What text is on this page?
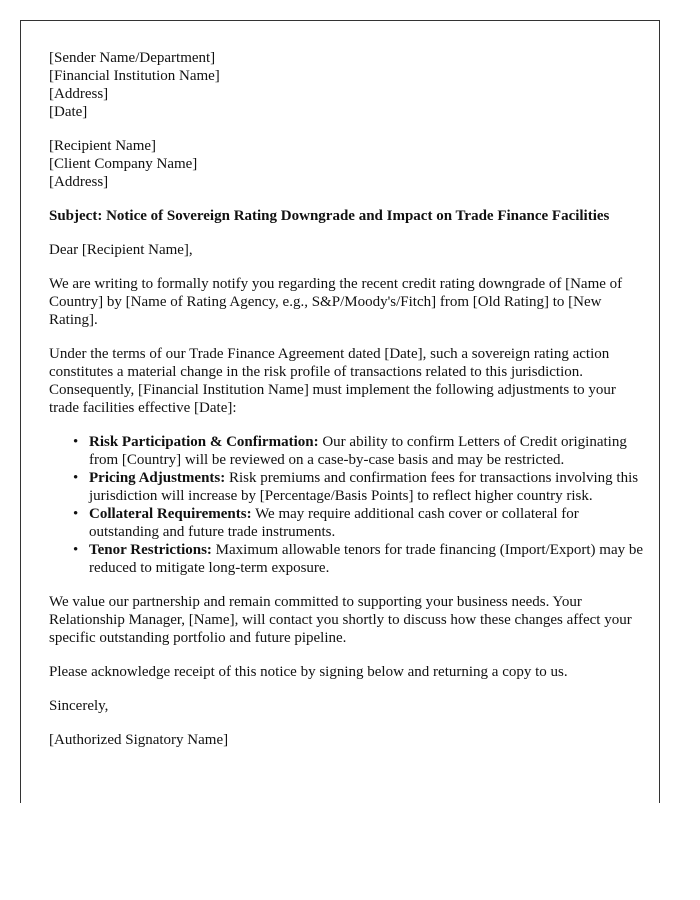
[Sender Name/Department]
[Financial Institution Name]
[Address]
[Date]
[Recipient Name]
[Client Company Name]
[Address]

Subject: Notice of Sovereign Rating Downgrade and Impact on Trade Finance Facilities

Dear [Recipient Name],

We are writing to formally notify you regarding the recent credit rating downgrade of [Name of Country] by [Name of Rating Agency, e.g., S&P/Moody's/Fitch] from [Old Rating] to [New Rating].

Under the terms of our Trade Finance Agreement dated [Date], such a sovereign rating action constitutes a material change in the risk profile of transactions related to this jurisdiction. Consequently, [Financial Institution Name] must implement the following adjustments to your trade facilities effective [Date]:

• Risk Participation & Confirmation: Our ability to confirm Letters of Credit originating from [Country] will be reviewed on a case-by-case basis and may be restricted.
• Pricing Adjustments: Risk premiums and confirmation fees for transactions involving this jurisdiction will increase by [Percentage/Basis Points] to reflect higher country risk.
• Collateral Requirements: We may require additional cash cover or collateral for outstanding and future trade instruments.
• Tenor Restrictions: Maximum allowable tenors for trade financing (Import/Export) may be reduced to mitigate long-term exposure.

We value our partnership and remain committed to supporting your business needs. Your Relationship Manager, [Name], will contact you shortly to discuss how these changes affect your specific outstanding portfolio and future pipeline.

Please acknowledge receipt of this notice by signing below and returning a copy to us.

Sincerely,

[Authorized Signatory Name]
